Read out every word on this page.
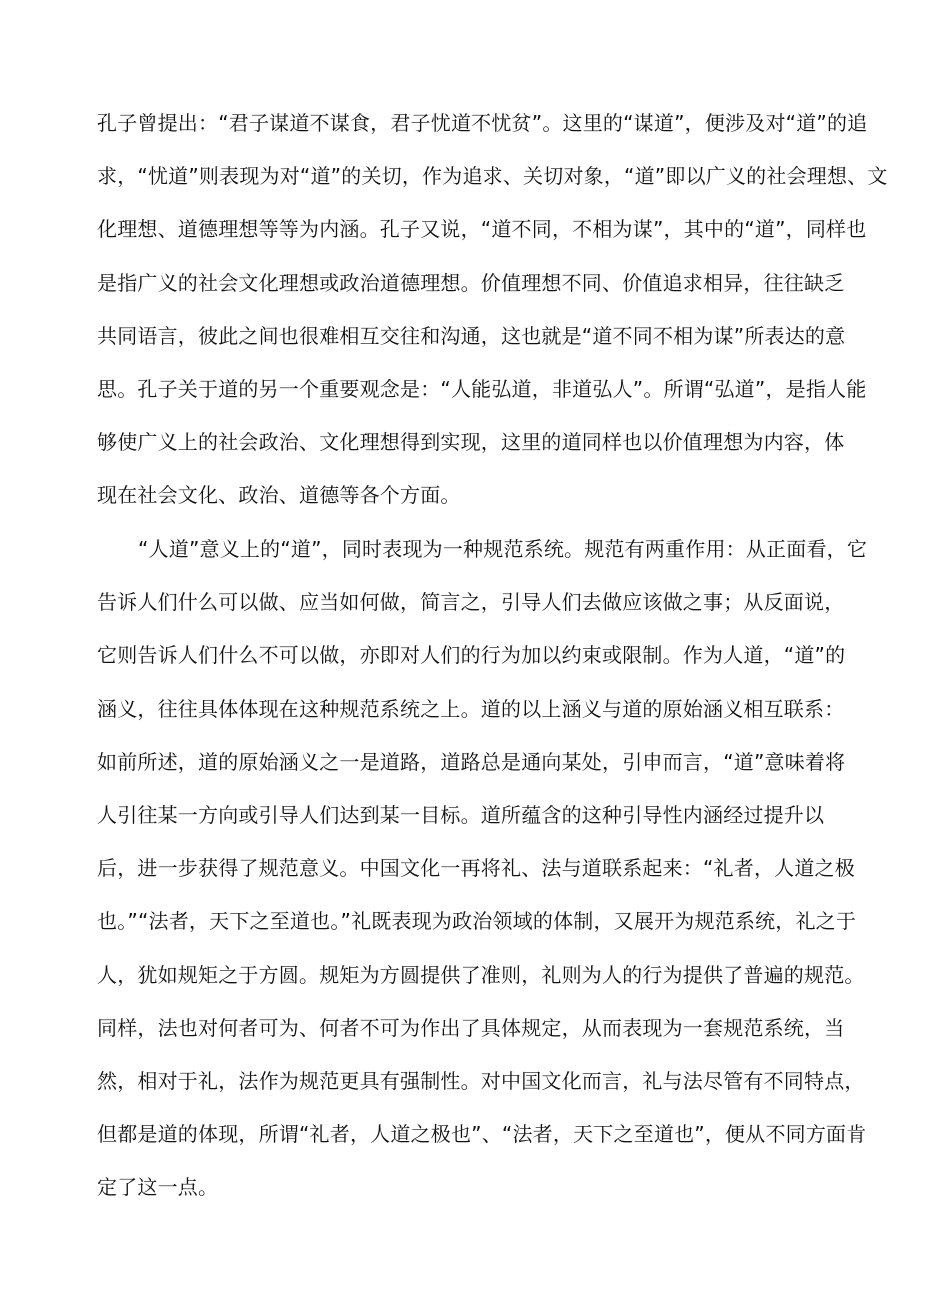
孔子曾提出：“君子谋道不谋食，君子忧道不忧贫”。这里的“谋道”，便涉及对“道”的追
求，“忧道”则表现为对“道”的关切，作为追求、关切对象，“道”即以广义的社会理想、文
化理想、道德理想等等为内涵。孔子又说，“道不同，不相为谋”，其中的“道”，同样也
是指广义的社会文化理想或政治道德理想。价值理想不同、价值追求相异，往往缺乏
共同语言，彼此之间也很难相互交往和沟通，这也就是“道不同不相为谋”所表达的意
思。孔子关于道的另一个重要观念是：“人能弘道，非道弘人”。所谓“弘道”，是指人能
够使广义上的社会政治、文化理想得到实现，这里的道同样也以价值理想为内容，体
现在社会文化、政治、道德等各个方面。
“人道”意义上的“道”，同时表现为一种规范系统。规范有两重作用：从正面看，它
告诉人们什么可以做、应当如何做，简言之，引导人们去做应该做之事；从反面说，
它则告诉人们什么不可以做，亦即对人们的行为加以约束或限制。作为人道，“道”的
涵义，往往具体体现在这种规范系统之上。道的以上涵义与道的原始涵义相互联系：
如前所述，道的原始涵义之一是道路，道路总是通向某处，引申而言，“道”意味着将
人引往某一方向或引导人们达到某一目标。道所蕴含的这种引导性内涵经过提升以
后，进一步获得了规范意义。中国文化一再将礼、法与道联系起来：“礼者，人道之极
也。”“法者，天下之至道也。”礼既表现为政治领域的体制，又展开为规范系统，礼之于
人，犹如规矩之于方圆。规矩为方圆提供了准则，礼则为人的行为提供了普遍的规范。
同样，法也对何者可为、何者不可为作出了具体规定，从而表现为一套规范系统，当
然，相对于礼，法作为规范更具有强制性。对中国文化而言，礼与法尽管有不同特点，
但都是道的体现，所谓“礼者，人道之极也”、“法者，天下之至道也”，便从不同方面肯
定了这一点。
